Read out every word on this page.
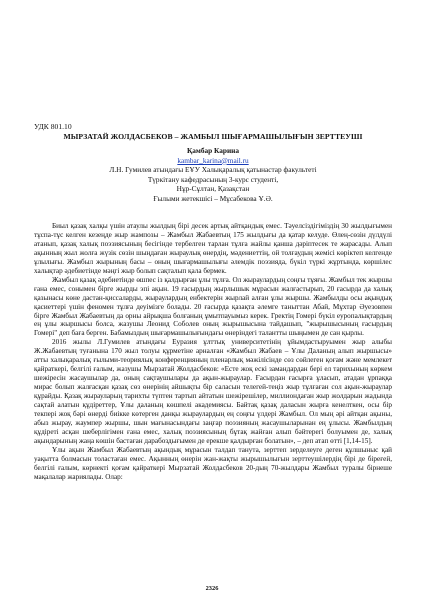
УДК 801.10
МЫРЗАТАЙ ЖОЛДАСБЕКОВ – ЖАМБЫЛ ШЫҒАРМАШЫЛЫҒЫН ЗЕРТТЕУШІ
Қамбар Карина
kambar_karina@mail.ru
Л.Н. Гумилев атындағы ЕҰУ Халықаралық қатынастар факультеті
Түркітану кафедрасының 3-курс студенті,
Нұр-Сұлтан, Қазақстан
Ғылыми жетекшісі – Мұсабекова Ұ.Ә.

Биыл қазақ халқы үшін атаулы жылдың бірі десек артық айтқандық емес. Тәуелсіздігіміздің 30 жылдығымен тұспа-тұс келген кезеңде жыр жампозы – Жамбыл Жабаевтың 175 жылдығы да қатар келуде. Өлең-сөзін дүлдүлі атанып, қазақ халық поэзиясының бесігінде тербелген тарлан тұлға жайлы қанша дәріптесек те жарасады. Алып ақынның жыл жолға жүзік сөзін шыңдаған жыраулық өнердің, мәдениеттің, ой толғаудың жемісі көріктеп келгенде ұлылығы. Жамбыл жырының басы – оның шығармашылығы әлемдік поэзияда, бүкіл түркі жұртында, көршілес халықтар әдебиетінде мәңгі жыр болып сақталып қала бермек.

Жамбыл қазақ әдебиетінде өшпес із қалдырған ұлы тұлға. Ол жыраулардың соңғы тұяғы. Жамбыл тек жыршы ғана емес, сонымен бірге жырды эпі ақын. 19 ғасырдың жырлышык мұрасын жалғастырып, 20 ғасырда да халық қазынасы көне дастан-қиссаларды, жыраулардың енбектерін жырлай алған ұлы жыршы. Жамбылды осы ақындық қасиеттері үшін феномен тұлға деуімізге болады. 20 ғасырда қазақта әлемге таныттан Абай, Мұхтар Әуезовпен бірге Жамбыл Жабаевтың да орны айрықша болғаның ұмытпауымыз керек. Гректің Гомері бүкіл еуропалықтардың ең ұлы жыршысы болса, жазушы Леонид Соболев оның жырышысына тайдашып, "жырышысының ғасырдың Гомері" деп баға берген. Бабамыздың шығармашылығындағы өнерiндегі талантты шыңымен де сан қырлы.

2016 жылы Л.Гумилев атындағы Еуразия ұлттық университетінің ұйымдастыруымен жыр алыбы Ж.Жабаевтың туғанына 170 жыл толуы құрметіне арналған «Жамбыл Жабаев – Ұлы Даланың алып жыршысы» атты халықаралық ғылыми-теориялық конференцияның пленарлық мәжілісінде сөз сөйлеген қоғам және мемлекет қайраткері, белгілі ғалым, жазушы Мырзатай Жолдасбеков: «Есте жоқ ескі замандардан бері ел тарихының көркем шежіресін жасаушылар да, оның сақтаушылары да ақын-жыраулар. Ғасырдан ғасырға ұласып, атадан ұрпаққа мирас болып жалғасқан қазақ сөз өнерінің айшықты бір саласын телегей-теңіз жыр тұлғаған сол ақын-жыраулар құрайды. Қазақ жырауларың тарихты түптен тартып айтатын шежірешілер, миллиондаған жыр жолдарын жадында сақтай алатын құдіреттер, Ұлы даланың көшпелі академиясы. Байтақ қазақ даласын жырға кенелткен, осы бір текпері жоқ бәрі өнерді биікке көтерген данқы жыраулардың ең соңғы үлдері Жамбыл. Ол мың әрі айтқан ақыны, абыз жырау, жаумпер жыршы, шын мағынасындағы заңғар поэзияның жасаушыларынан ең ұлысы. Жамбылдың құдіреті асқан шеберлігімен ғана емес, халық поэзиясының бұтақ жайған алып бәйтерегі болуымен де, халық ақындарының жаңа көшін бастаған дарабоздығымен де ерекше қалдырған болатын», – деп атап өтті [1,14-15].

Ұлы ақын Жамбыл Жабаевтың ақындық мұрасын талдап танута, зерттеп зерделеуге деген құлшыныс қай уақытта болмасын толастаған емес. Ақынның өнерін жан-жақты жырышылығын зерттеушілердің бірі де біреғей, белгілі ғалым, көрнекті қоғам қайраткері Мырзатай Жолдасбеков 20-дың 70-жылдары Жамбыл туралы бірнеше мақалалар жариялады. Олар:

2326
